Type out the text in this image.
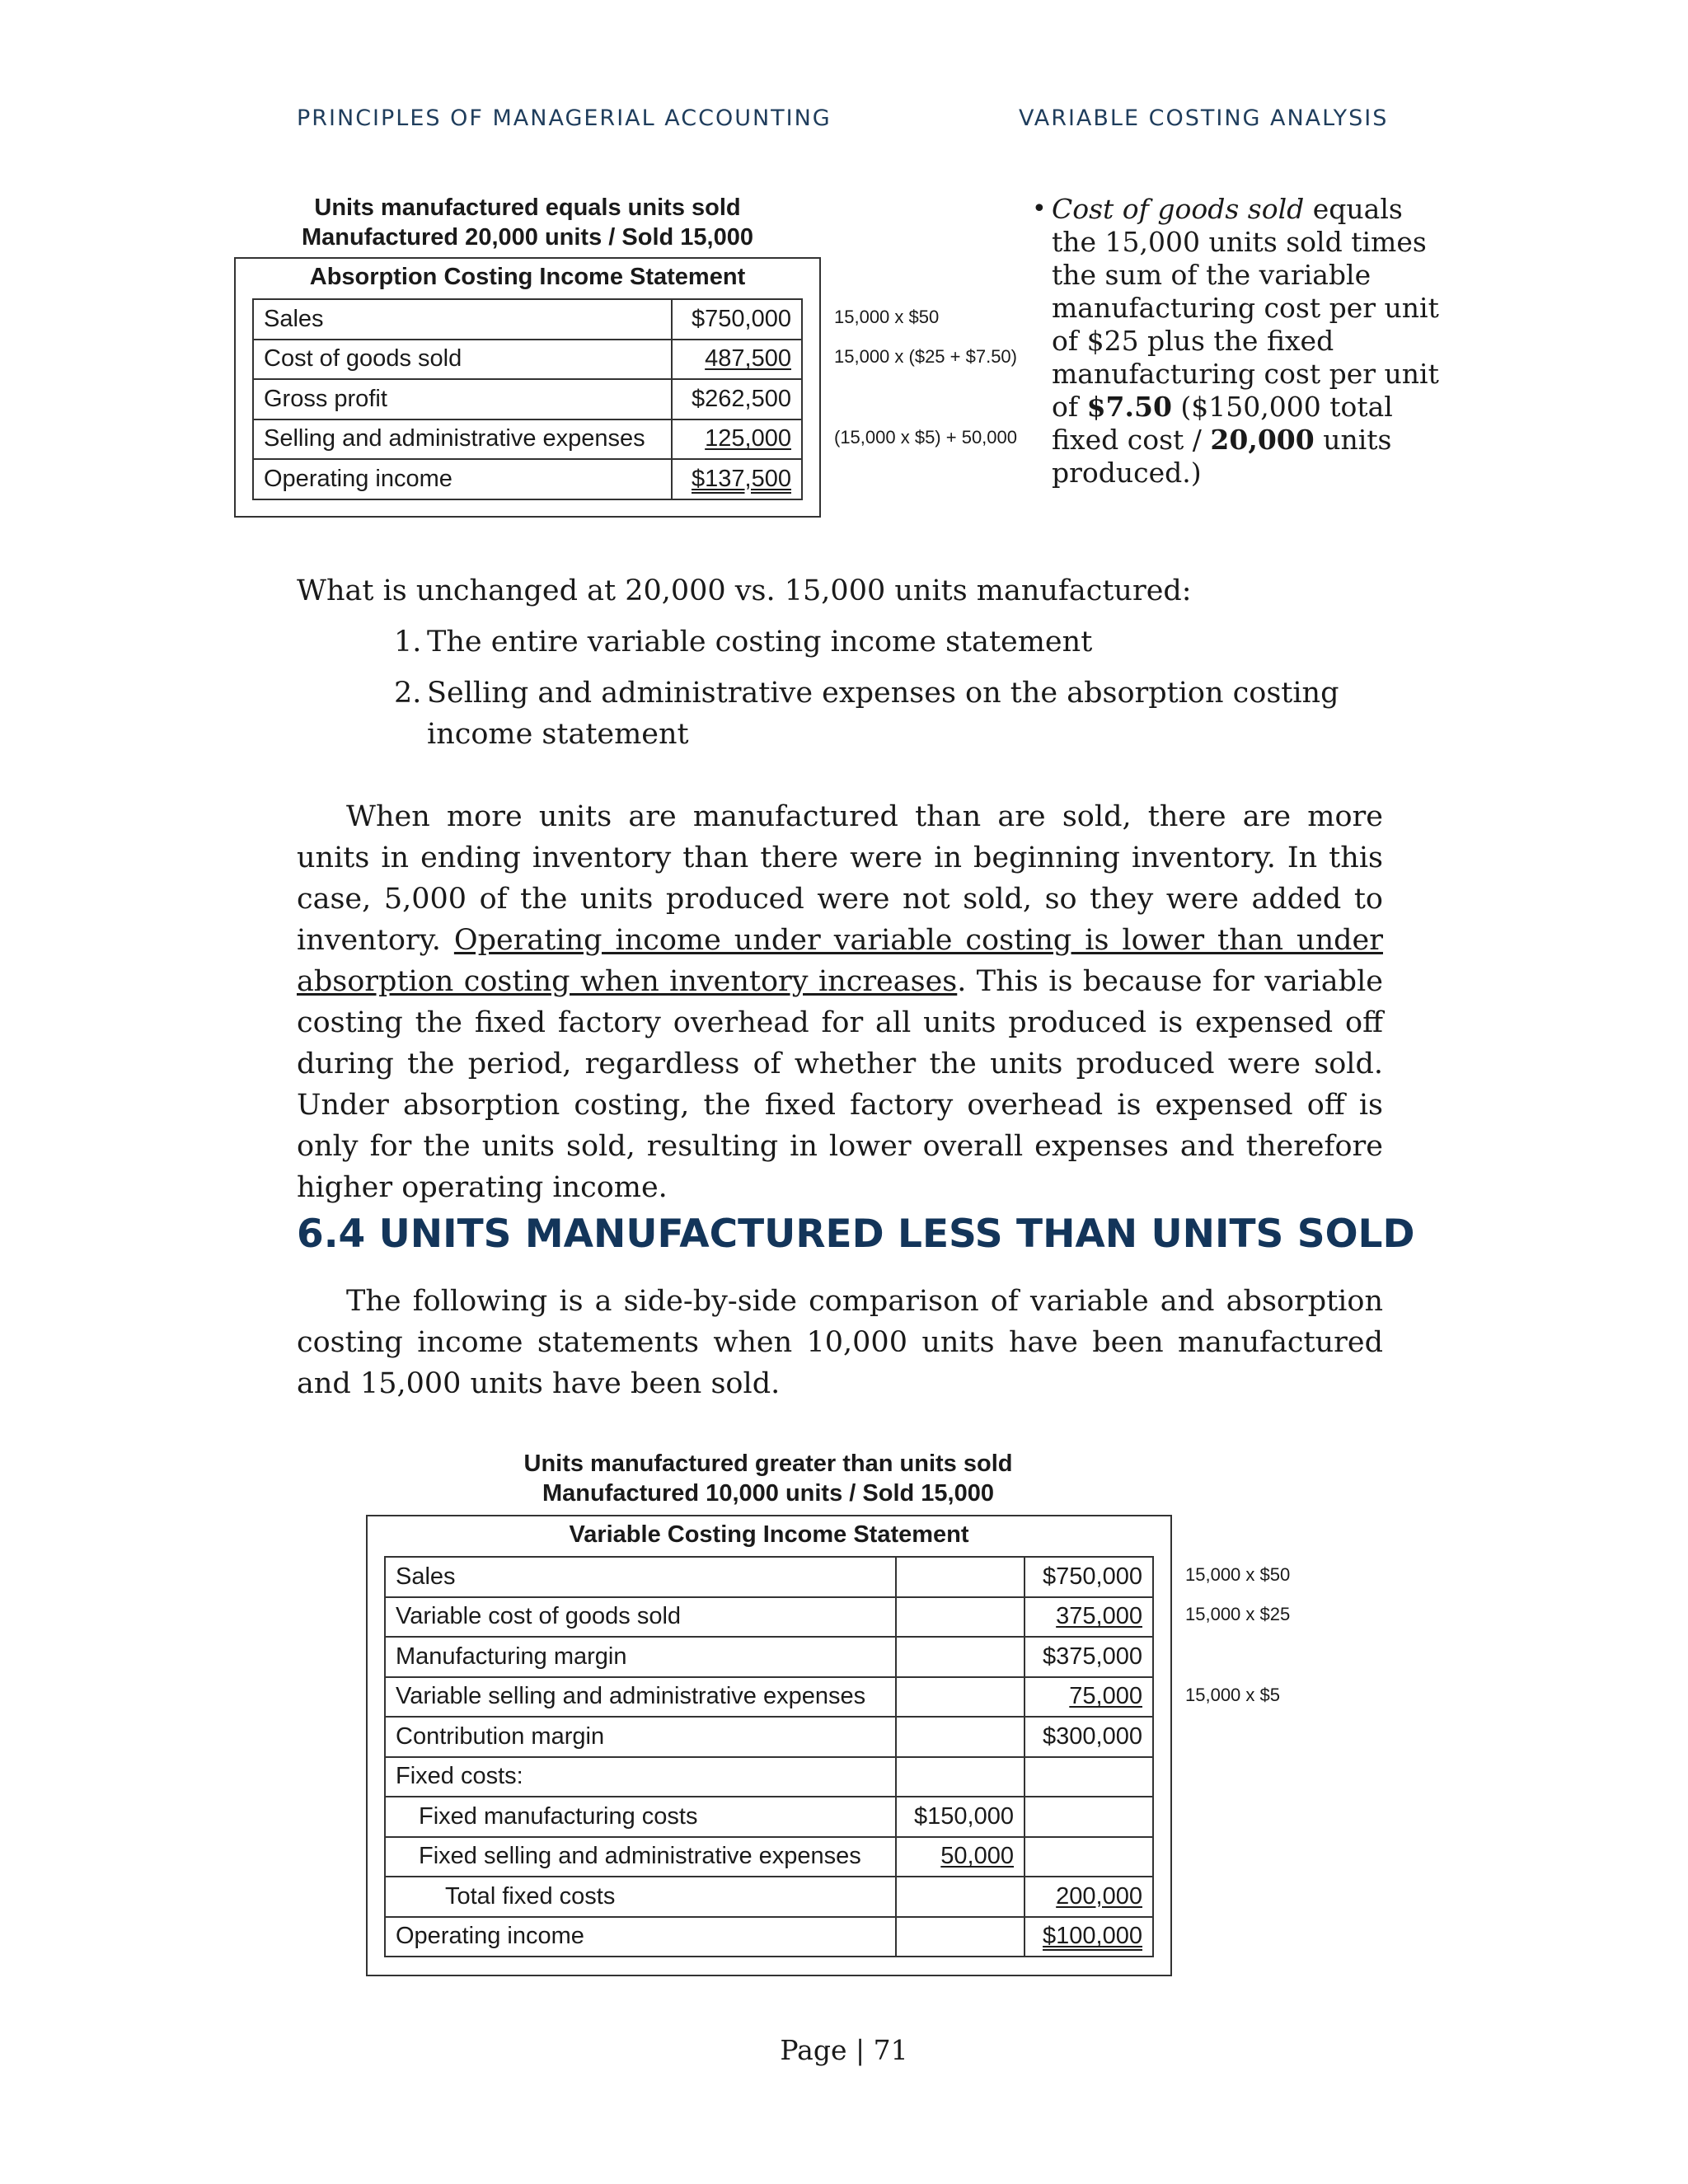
PRINCIPLES OF MANAGERIAL ACCOUNTING	VARIABLE COSTING ANALYSIS
Units manufactured equals units sold
Manufactured 20,000 units / Sold 15,000
Absorption Costing Income Statement
Sales	$750,000
Cost of goods sold	487,500
Gross profit	$262,500
Selling and administrative expenses	125,000
Operating income	$137,500
15,000 x $50
15,000 x ($25 + $7.50)
(15,000 x $5) + 50,000
• Cost of goods sold equals the 15,000 units sold times the sum of the variable manufacturing cost per unit of $25 plus the fixed manufacturing cost per unit of $7.50 ($150,000 total fixed cost / 20,000 units produced.)
What is unchanged at 20,000 vs. 15,000 units manufactured:
1. The entire variable costing income statement
2. Selling and administrative expenses on the absorption costing income statement
When more units are manufactured than are sold, there are more units in ending inventory than there were in beginning inventory. In this case, 5,000 of the units produced were not sold, so they were added to inventory. Operating income under variable costing is lower than under absorption costing when inventory increases. This is because for variable costing the fixed factory overhead for all units produced is expensed off during the period, regardless of whether the units produced were sold. Under absorption costing, the fixed factory overhead is expensed off is only for the units sold, resulting in lower overall expenses and therefore higher operating income.
6.4 UNITS MANUFACTURED LESS THAN UNITS SOLD
The following is a side-by-side comparison of variable and absorption costing income statements when 10,000 units have been manufactured and 15,000 units have been sold.
Units manufactured greater than units sold
Manufactured 10,000 units / Sold 15,000
Variable Costing Income Statement
Sales		$750,000
Variable cost of goods sold		375,000
Manufacturing margin		$375,000
Variable selling and administrative expenses		75,000
Contribution margin		$300,000
Fixed costs:		
Fixed manufacturing costs	$150,000	
Fixed selling and administrative expenses	50,000	
Total fixed costs		200,000
Operating income		$100,000
15,000 x $50
15,000 x $25
15,000 x $5
Page | 71
